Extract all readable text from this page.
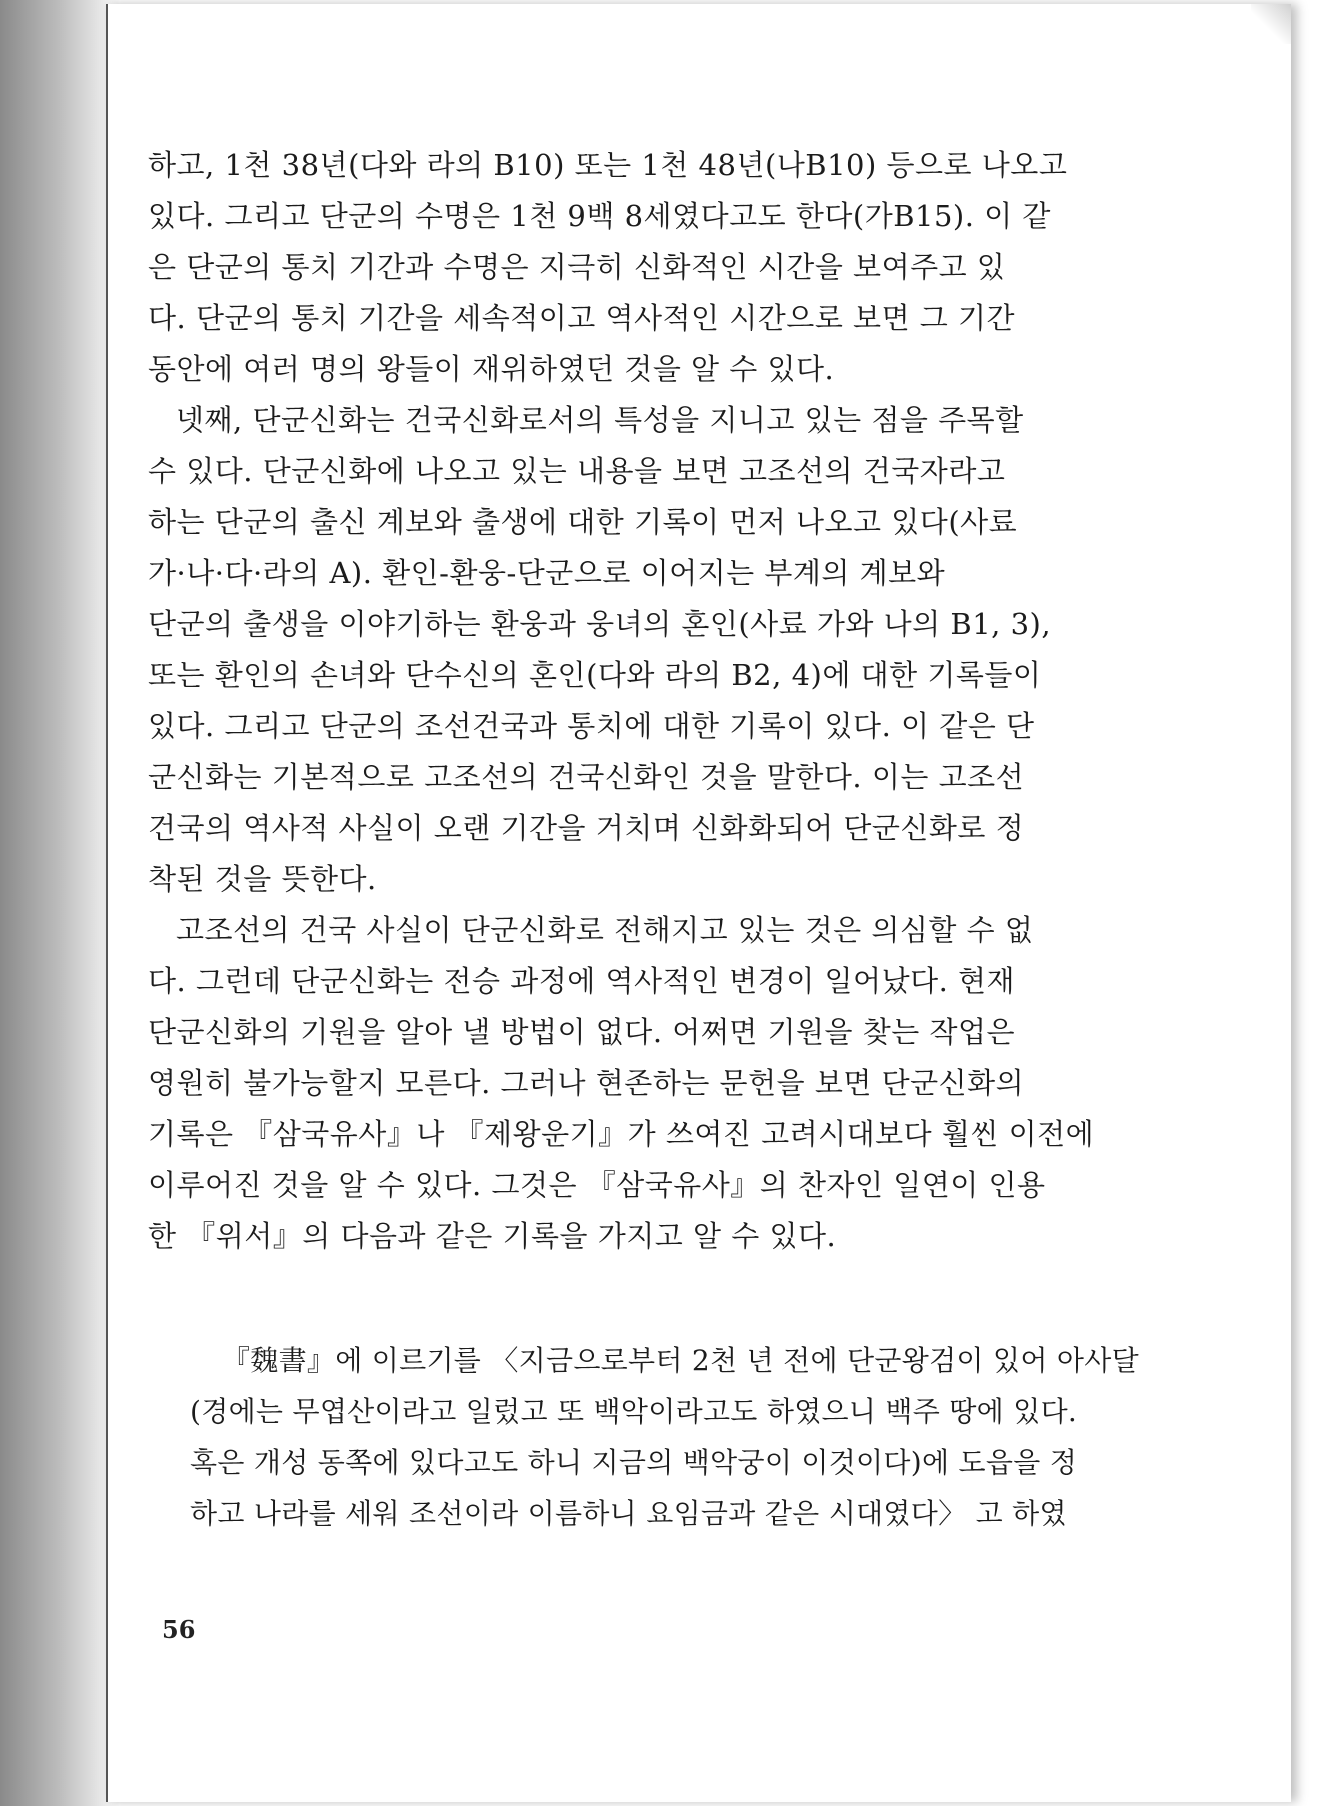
하고, 1천 38년(다와 라의 B10) 또는 1천 48년(나B10) 등으로 나오고
있다. 그리고 단군의 수명은 1천 9백 8세였다고도 한다(가B15). 이 같
은 단군의 통치 기간과 수명은 지극히 신화적인 시간을 보여주고 있
다. 단군의 통치 기간을 세속적이고 역사적인 시간으로 보면 그 기간
동안에 여러 명의 왕들이 재위하였던 것을 알 수 있다.

넷째, 단군신화는 건국신화로서의 특성을 지니고 있는 점을 주목할
수 있다. 단군신화에 나오고 있는 내용을 보면 고조선의 건국자라고
하는 단군의 출신 계보와 출생에 대한 기록이 먼저 나오고 있다(사료
가·나·다·라의 A). 환인-환웅-단군으로 이어지는 부계의 계보와
단군의 출생을 이야기하는 환웅과 웅녀의 혼인(사료 가와 나의 B1, 3),
또는 환인의 손녀와 단수신의 혼인(다와 라의 B2, 4)에 대한 기록들이
있다. 그리고 단군의 조선건국과 통치에 대한 기록이 있다. 이 같은 단
군신화는 기본적으로 고조선의 건국신화인 것을 말한다. 이는 고조선
건국의 역사적 사실이 오랜 기간을 거치며 신화화되어 단군신화로 정
착된 것을 뜻한다.

고조선의 건국 사실이 단군신화로 전해지고 있는 것은 의심할 수 없
다. 그런데 단군신화는 전승 과정에 역사적인 변경이 일어났다. 현재
단군신화의 기원을 알아 낼 방법이 없다. 어쩌면 기원을 찾는 작업은
영원히 불가능할지 모른다. 그러나 현존하는 문헌을 보면 단군신화의
기록은 『삼국유사』나 『제왕운기』가 쓰여진 고려시대보다 훨씬 이전에
이루어진 것을 알 수 있다. 그것은 『삼국유사』의 찬자인 일연이 인용
한 『위서』의 다음과 같은 기록을 가지고 알 수 있다.

『魏書』에 이르기를 〈지금으로부터 2천 년 전에 단군왕검이 있어 아사달
(경에는 무엽산이라고 일렀고 또 백악이라고도 하였으니 백주 땅에 있다.
혹은 개성 동쪽에 있다고도 하니 지금의 백악궁이 이것이다)에 도읍을 정
하고 나라를 세워 조선이라 이름하니 요임금과 같은 시대였다〉 고 하였
56
